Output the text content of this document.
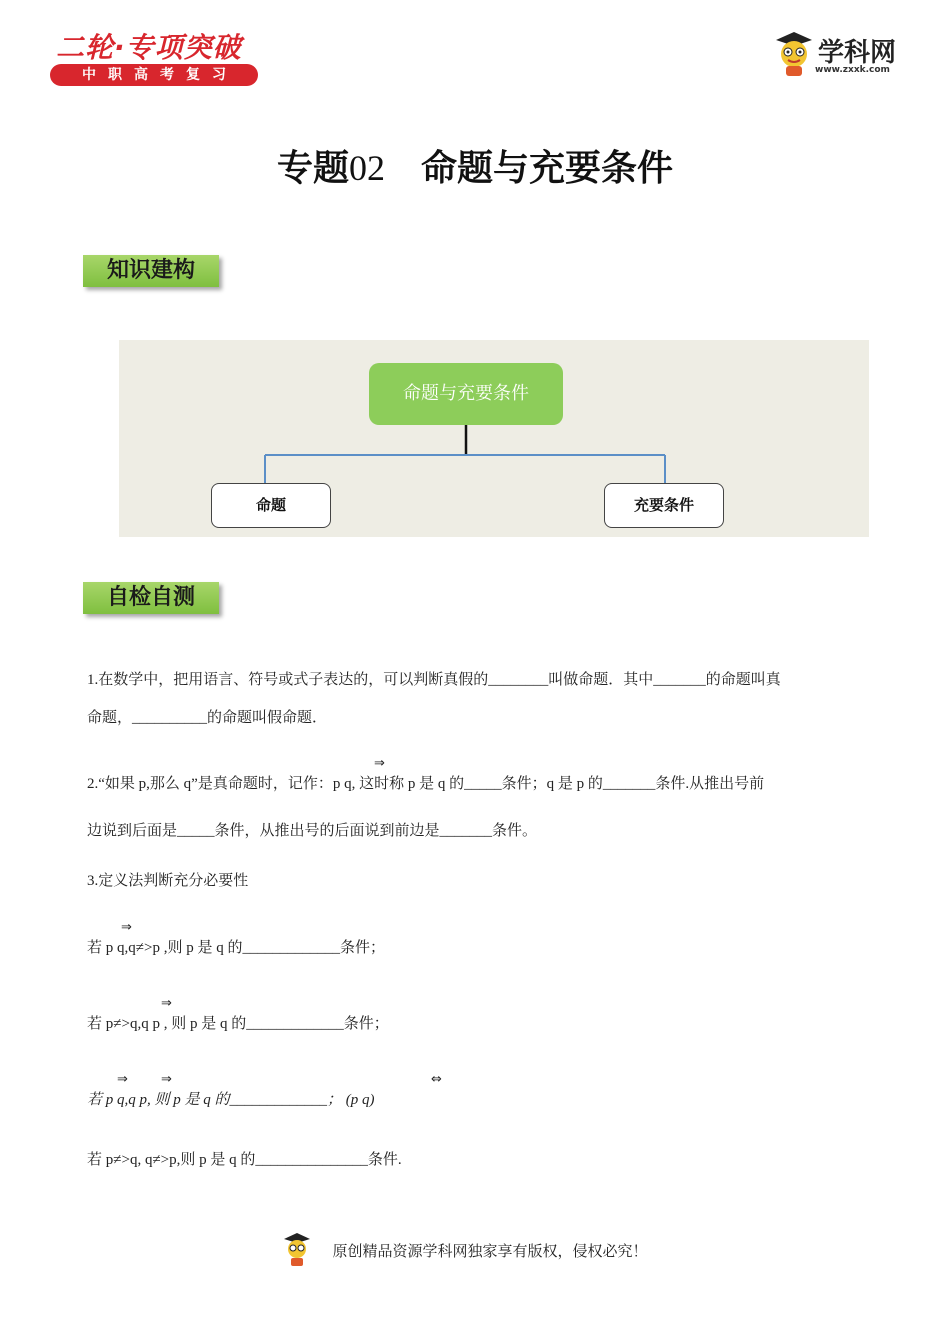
二轮·专项突破
中职高考复习
学科网
www.zxxk.com
专题02 命题与充要条件
知识建构
命题与充要条件
命题	充要条件
自检自测
1.在数学中，把用语言、符号或式子表达的，可以判断真假的________叫做命题．其中_______的命题叫真
命题，__________的命题叫假命题．
⇒
2.“如果 p,那么 q”是真命题时，记作：p q, 这时称 p 是 q 的_____条件；q 是 p 的_______条件.从推出号前
边说到后面是_____条件，从推出号的后面说到前边是_______条件。
3.定义法判断充分必要性
⇒
若 p q,q≠>p ,则 p 是 q 的_____________条件；
⇒
若 p≠>q,q p , 则 p 是 q 的_____________条件；
⇒	⇒	⇔
若 p q,q p, 则 p 是 q 的_____________； (p q)
若 p≠>q, q≠>p,则 p 是 q 的_______________条件.
原创精品资源学科网独家享有版权，侵权必究！
